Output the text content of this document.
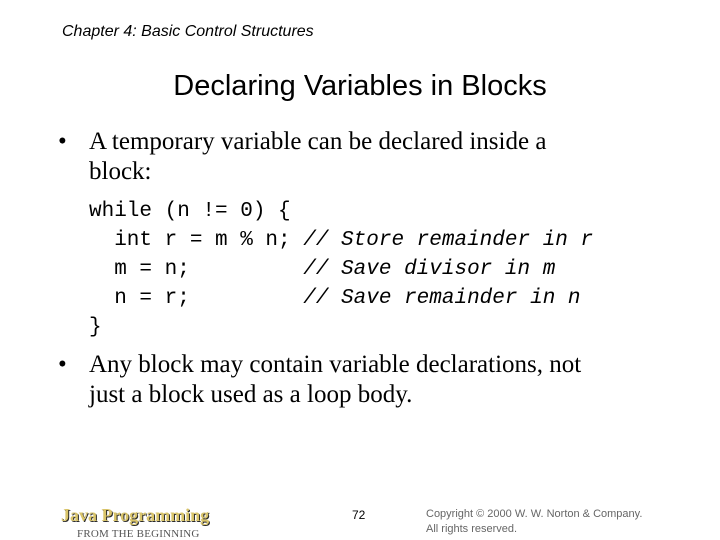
Chapter 4: Basic Control Structures
Declaring Variables in Blocks
• A temporary variable can be declared inside a
block:
while (n != 0) {
int r = m % n; // Store remainder in r
m = n;         // Save divisor in m
n = r;         // Save remainder in n
}
• Any block may contain variable declarations, not
just a block used as a loop body.
Java Programming
FROM THE BEGINNING
72	Copyright © 2000 W. W. Norton & Company.
All rights reserved.
